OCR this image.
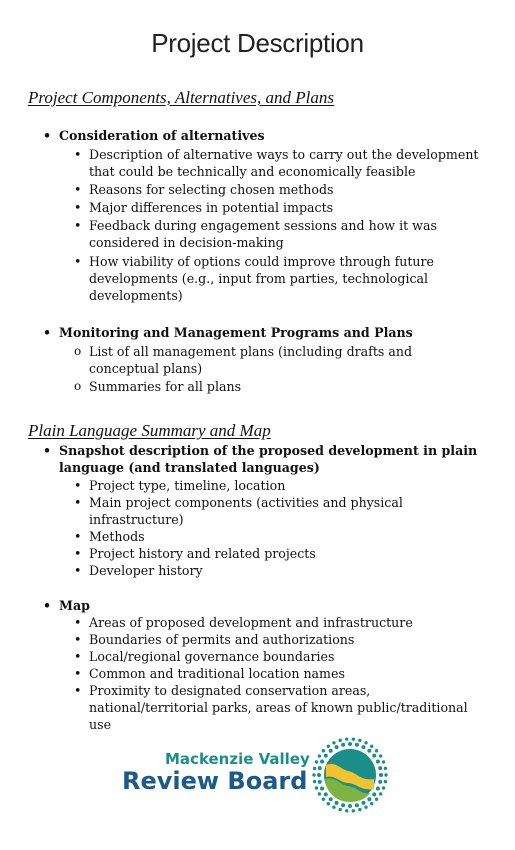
Project Description
Project Components, Alternatives, and Plans
• Consideration of alternatives
• Description of alternative ways to carry out the development that could be technically and economically feasible
• Reasons for selecting chosen methods
• Major differences in potential impacts
• Feedback during engagement sessions and how it was considered in decision-making
• How viability of options could improve through future developments (e.g., input from parties, technological developments)
• Monitoring and Management Programs and Plans
o List of all management plans (including drafts and conceptual plans)
o Summaries for all plans
Plain Language Summary and Map
• Snapshot description of the proposed development in plain language (and translated languages)
• Project type, timeline, location
• Main project components (activities and physical infrastructure)
• Methods
• Project history and related projects
• Developer history
• Map
• Areas of proposed development and infrastructure
• Boundaries of permits and authorizations
• Local/regional governance boundaries
• Common and traditional location names
• Proximity to designated conservation areas, national/territorial parks, areas of known public/traditional use
Mackenzie Valley
Review Board
